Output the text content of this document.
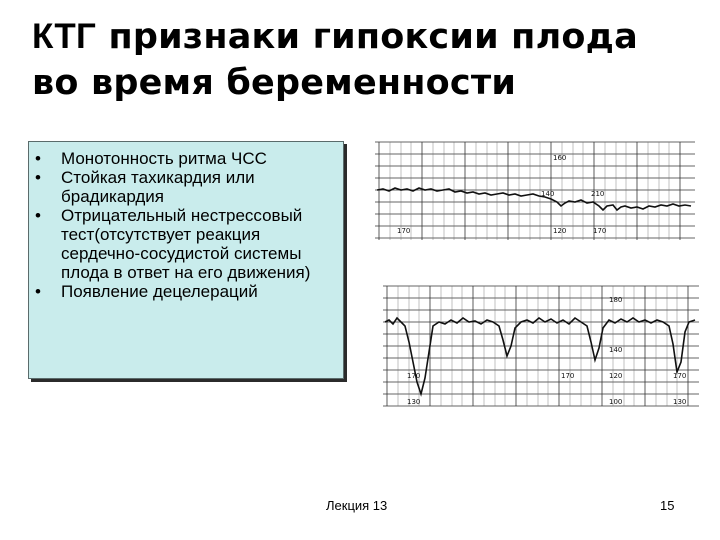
КТГ признаки гипоксии плода во время беременности
• Монотонность ритма ЧСС
• Стойкая тахикардия или брадикардия
• Отрицательный нестрессовый тест(отсутствует реакция сердечно-сосудистой системы плода в ответ на его движения)
• Появление децелераций
160
140	210
120	170
170
180
140
120
100
170	170
130	130
170
Лекция 13	15
